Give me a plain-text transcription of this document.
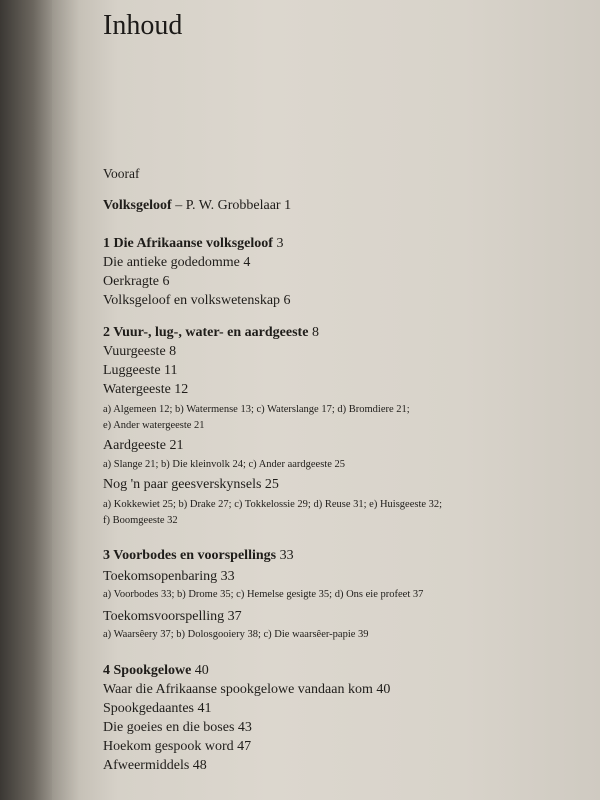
Inhoud
Vooraf
Volksgeloof – P. W. Grobbelaar 1
1 Die Afrikaanse volksgeloof 3
Die antieke godedomme 4
Oerkragte 6
Volksgeloof en volkswetenskap 6
2 Vuur-, lug-, water- en aardgeeste 8
Vuurgeeste 8
Luggeeste 11
Watergeeste 12
a) Algemeen 12; b) Watermense 13; c) Waterslange 17; d) Bromdiere 21;
e) Ander watergeeste 21
Aardgeeste 21
a) Slange 21; b) Die kleinvolk 24; c) Ander aardgeeste 25
Nog 'n paar geesverskynsels 25
a) Kokkewiet 25; b) Drake 27; c) Tokkelossie 29; d) Reuse 31; e) Huisgeeste 32;
f) Boomgeeste 32
3 Voorbodes en voorspellings 33
Toekomsopenbaring 33
a) Voorbodes 33; b) Drome 35; c) Hemelse gesigte 35; d) Ons eie profeet 37
Toekomsvoorspelling 37
a) Waarsêery 37; b) Dolosgooiery 38; c) Die waarsêer-papie 39
4 Spookgelowe 40
Waar die Afrikaanse spookgelowe vandaan kom 40
Spookgedaantes 41
Die goeies en die boses 43
Hoekom gespook word 47
Afweermiddels 48
